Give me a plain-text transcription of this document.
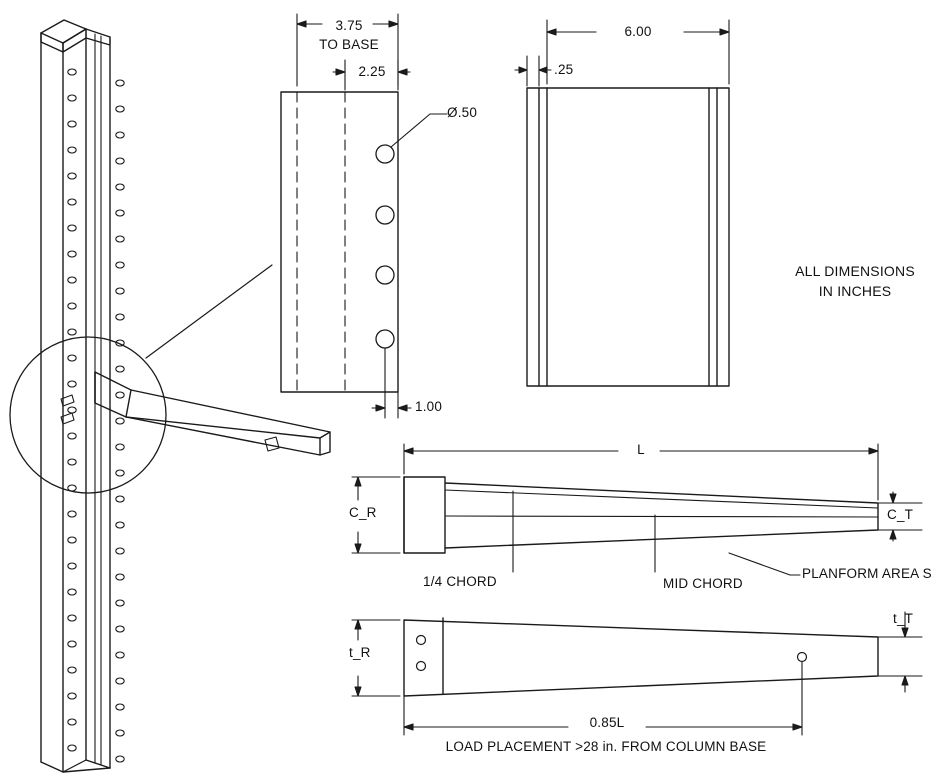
3.75
TO BASE
2.25
Ø.50
1.00
6.00
.25
ALL DIMENSIONS
IN INCHES
L
C_R	C_T
1/4 CHORD	MID CHORD
PLANFORM AREA S
t_R
t_T
0.85L
LOAD PLACEMENT >28 in. FROM COLUMN BASE
